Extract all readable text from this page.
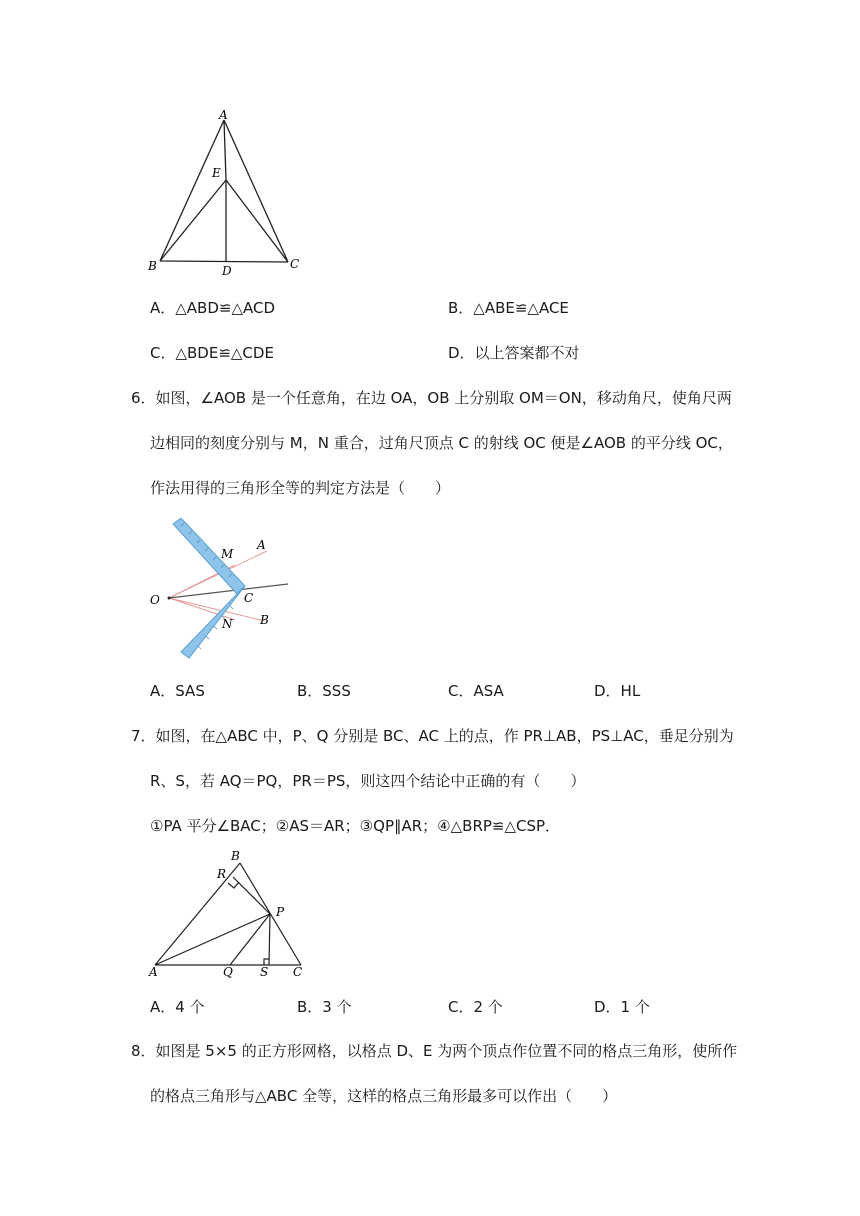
A
E
B	D	C
A．△ABD≌△ACD	B．△ABE≌△ACE
C．△BDE≌△CDE	D．以上答案都不对
6．如图，∠AOB 是一个任意角，在边 OA，OB 上分别取 OM＝ON，移动角尺，使角尺两
边相同的刻度分别与 M，N 重合，过角尺顶点 C 的射线 OC 便是∠AOB 的平分线 OC，
作法用得的三角形全等的判定方法是（　　）
M
A
O	C
N B
A．SAS	B．SSS	C．ASA	D．HL
7．如图，在△ABC 中，P、Q 分别是 BC、AC 上的点，作 PR⊥AB，PS⊥AC，垂足分别为
R、S，若 AQ＝PQ，PR＝PS，则这四个结论中正确的有（　　）
①PA 平分∠BAC；②AS＝AR；③QP∥AR；④△BRP≌△CSP．
B
R
P
A	Q S C
A．4 个	B．3 个	C．2 个	D．1 个
8．如图是 5×5 的正方形网格，以格点 D、E 为两个顶点作位置不同的格点三角形，使所作
的格点三角形与△ABC 全等，这样的格点三角形最多可以作出（　　）
